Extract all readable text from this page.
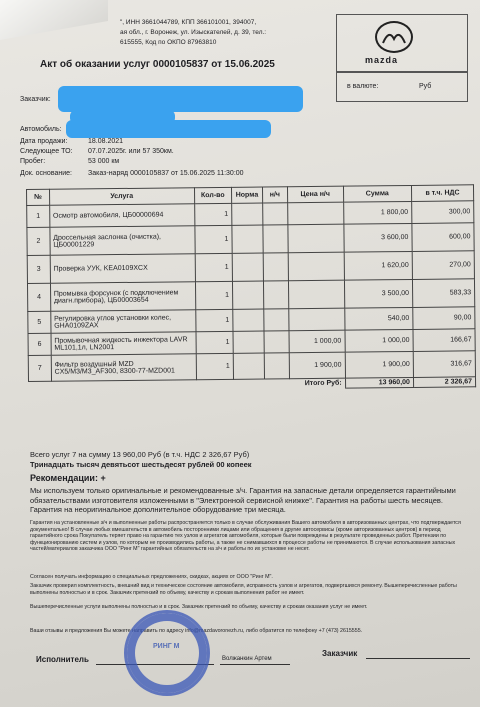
", ИНН 3661044789, КПП 366101001, 394007,
ая обл., г. Воронеж, ул. Изыскателей, д. 39, тел.:
615555, Код по ОКПО 87963810
Акт об оказании услуг 0000105837 от 15.06.2025	mazda
в валюте:	Руб
Заказчик:
Автомобиль:
Дата продажи:	18.08.2021
Следующее ТО: 07.07.2025г. или 57 350км.
Пробег:	53 000 км
Док. основание: Заказ-наряд 0000105837 от 15.06.2025 11:30:00
№	Услуга	Кол-во	Норма	н/ч	Цена н/ч	Сумма	в т.ч. НДС
1	Осмотр автомобиля, ЦБ00000694	1				1 800,00	300,00
2	Дроссельная заслонка (очистка), ЦБ00001229	1				3 600,00	600,00
3	Проверка УУК, KEA0109XCX	1				1 620,00	270,00
4	Промывка форсунок (с подключением диагн.прибора), ЦБ00003654	1				3 500,00	583,33
5	Регулировка углов установки колес, GHA0109ZAX	1				540,00	90,00
6	Промывочная жидкость инжектора LAVR ML101,1л, LN2001	1			1 000,00	1 000,00	166,67
7	Фильтр воздушный MZD CX5/M3/M3_AF300, 8300-77-MZD001	1			1 900,00	1 900,00	316,67
Итого Руб:						13 960,00	2 326,67
Всего услуг 7 на сумму 13 960,00 Руб (в т.ч. НДС 2 326,67 Руб)
Тринадцать тысяч девятьсот шестьдесят рублей 00 копеек
Рекомендации: +
Мы используем только оригинальные и рекомендованные з/ч. Гарантия на запасные детали определяется гарантийными обязательствами изготовителя изложенными в "Электронной сервисной книжке". Гарантия на работы шесть месяцев. Гарантия на неоригинальное дополнительное оборудование три месяца.
Гарантия на установленные з/ч и выполненные работы распространяется только в случае обслуживания Вашего автомобиля в авторизованных центрах, что подтверждается документально! В случае любых вмешательств в автомобиль посторонними лицами или обращения в другие автосервисы (кроме авторизованных центров) в период гарантийного срока Покупатель теряет право на гарантию тех узлов и агрегатов автомобиля, которые были повреждены в результате проведенных работ. Претензии по функционированию систем и узлов, по которым не производились работы, а также не снимавшихся в процессе работы не принимаются. В случае использования запасных частей/материалов заказчика ООО "Ринг М" гарантийных обязательств на з/ч и работы по их установке не несет.
Согласен получать информацию о специальных предложениях, скидках, акциях от ООО "Ринг М".
Заказчик проверил комплектность, внешний вид и техническое состояние автомобиля, исправность узлов и агрегатов, подвергшихся ремонту. Вышеперечисленные работы выполнены полностью и в срок. Заказчик претензий по объему, качеству и срокам выполнения работ не имеет.
Вышеперечисленные услуги выполнены полностью и в срок. Заказчик претензий по объему, качеству и срокам оказания услуг не имеет.
Ваши отзывы и предложения Вы можете направить по адресу info@mazdavoronezh.ru, либо обратится по телефону +7 (473) 2615555.
Исполнитель	Волжанкин Артем
Заказчик
РИНГ М
